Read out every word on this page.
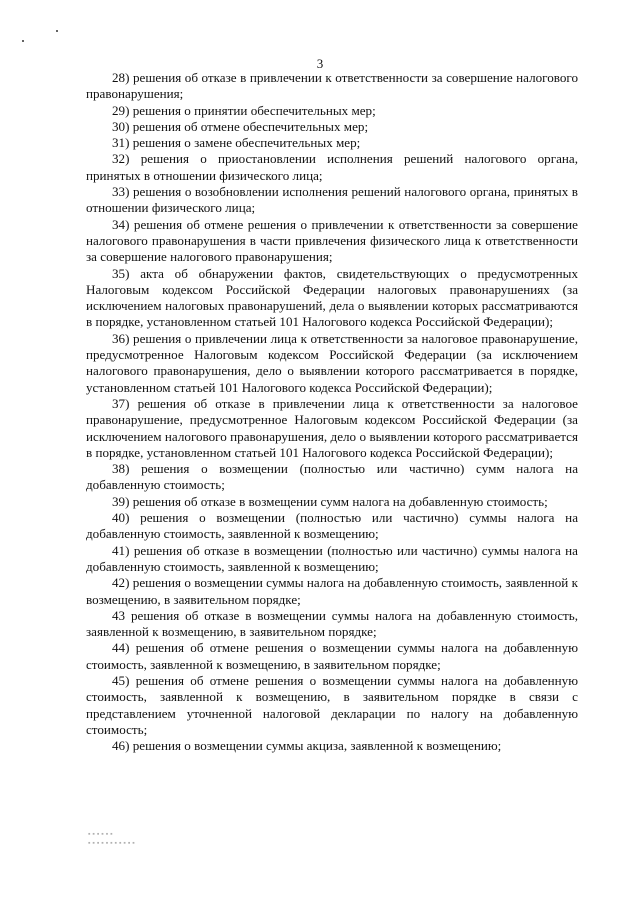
3

28) решения об отказе в привлечении к ответственности за совершение налогового правонарушения;

29) решения о принятии обеспечительных мер;

30) решения об отмене обеспечительных мер;

31) решения о замене обеспечительных мер;

32) решения о приостановлении исполнения решений налогового органа, принятых в отношении физического лица;

33) решения о возобновлении исполнения решений налогового органа, принятых в отношении физического лица;

34) решения об отмене решения о привлечении к ответственности за совершение налогового правонарушения в части привлечения физического лица к ответственности за совершение налогового правонарушения;

35) акта об обнаружении фактов, свидетельствующих о предусмотренных Налоговым кодексом Российской Федерации налоговых правонарушениях (за исключением налоговых правонарушений, дела о выявлении которых рассматриваются в порядке, установленном статьей 101 Налогового кодекса Российской Федерации);

36) решения о привлечении лица к ответственности за налоговое правонарушение, предусмотренное Налоговым кодексом Российской Федерации (за исключением налогового правонарушения, дело о выявлении которого рассматривается в порядке, установленном статьей 101 Налогового кодекса Российской Федерации);

37) решения об отказе в привлечении лица к ответственности за налоговое правонарушение, предусмотренное Налоговым кодексом Российской Федерации (за исключением налогового правонарушения, дело о выявлении которого рассматривается в порядке, установленном статьей 101 Налогового кодекса Российской Федерации);

38) решения о возмещении (полностью или частично) сумм налога на добавленную стоимость;

39) решения об отказе в возмещении сумм налога на добавленную стоимость;

40) решения о возмещении (полностью или частично) суммы налога на добавленную стоимость, заявленной к возмещению;

41) решения об отказе в возмещении (полностью или частично) суммы налога на добавленную стоимость, заявленной к возмещению;

42) решения о возмещении суммы налога на добавленную стоимость, заявленной к возмещению, в заявительном порядке;

43 решения об отказе в возмещении суммы налога на добавленную стоимость, заявленной к возмещению, в заявительном порядке;

44) решения об отмене решения о возмещении суммы налога на добавленную стоимость, заявленной к возмещению, в заявительном порядке;

45) решения об отмене решения о возмещении суммы налога на добавленную стоимость, заявленной к возмещению, в заявительном порядке в связи с представлением уточненной налоговой декларации по налогу на добавленную стоимость;

46) решения о возмещении суммы акциза, заявленной к возмещению;

▪ ▪ ▪ ▪ ▪ ▪
▪ ▪ ▪ ▪ ▪ ▪ ▪ ▪ ▪ ▪ ▪
